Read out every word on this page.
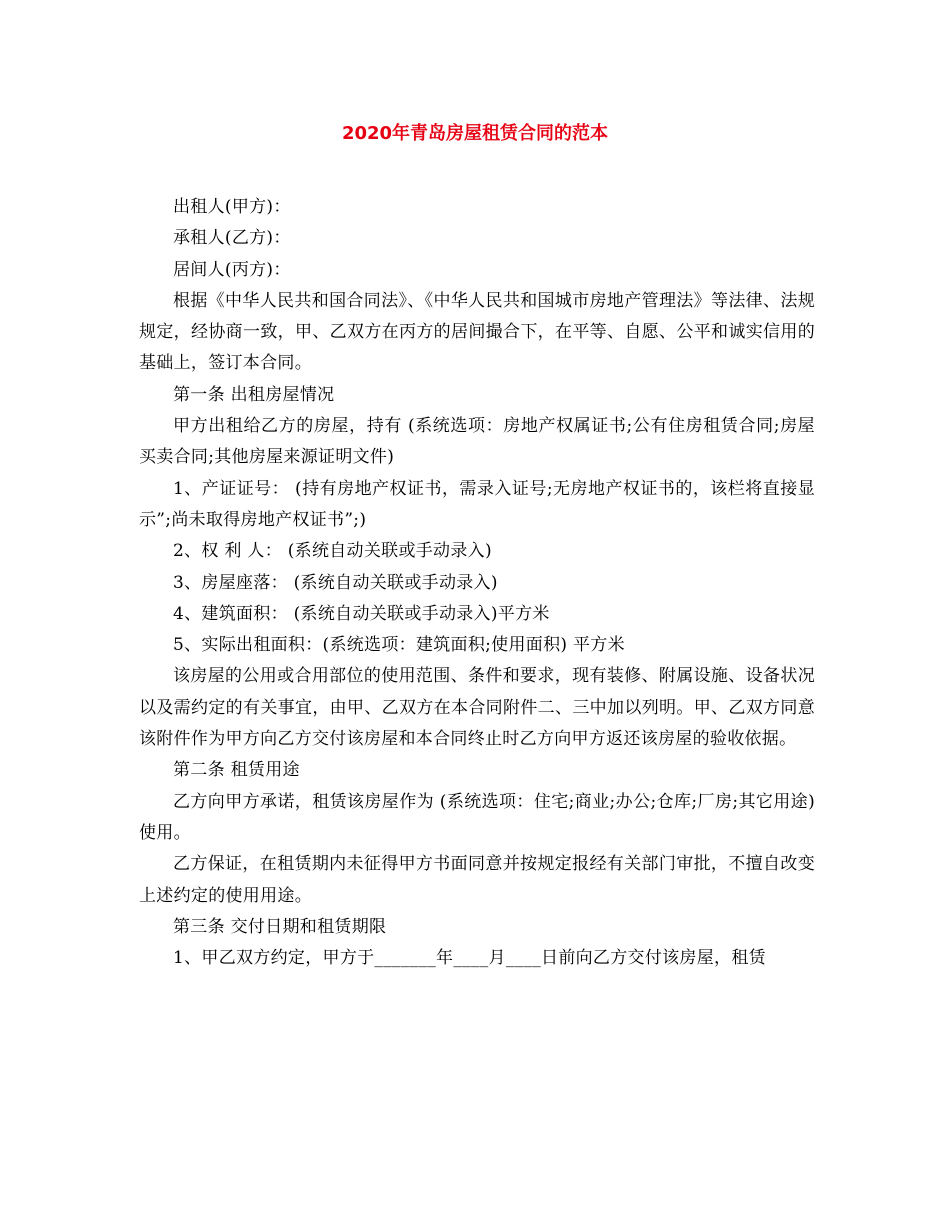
2020年青岛房屋租赁合同的范本

出租人(甲方)：

承租人(乙方)：

居间人(丙方)：

根据《中华人民共和国合同法》、《中华人民共和国城市房地产管理法》等法律、法规规定，经协商一致，甲、乙双方在丙方的居间撮合下，在平等、自愿、公平和诚实信用的基础上，签订本合同。

第一条 出租房屋情况

甲方出租给乙方的房屋，持有 (系统选项：房地产权属证书;公有住房租赁合同;房屋买卖合同;其他房屋来源证明文件)

1、产证证号： (持有房地产权证书，需录入证号;无房地产权证书的，该栏将直接显示”;尚未取得房地产权证书”;)

2、权 利 人： (系统自动关联或手动录入)

3、房屋座落： (系统自动关联或手动录入)

4、建筑面积： (系统自动关联或手动录入)平方米

5、实际出租面积：(系统选项：建筑面积;使用面积) 平方米

该房屋的公用或合用部位的使用范围、条件和要求，现有装修、附属设施、设备状况以及需约定的有关事宜，由甲、乙双方在本合同附件二、三中加以列明。甲、乙双方同意该附件作为甲方向乙方交付该房屋和本合同终止时乙方向甲方返还该房屋的验收依据。

第二条 租赁用途

乙方向甲方承诺，租赁该房屋作为 (系统选项：住宅;商业;办公;仓库;厂房;其它用途)使用。

乙方保证，在租赁期内未征得甲方书面同意并按规定报经有关部门审批，不擅自改变上述约定的使用用途。

第三条 交付日期和租赁期限

1、甲乙双方约定，甲方于_______年____月____日前向乙方交付该房屋，租赁
